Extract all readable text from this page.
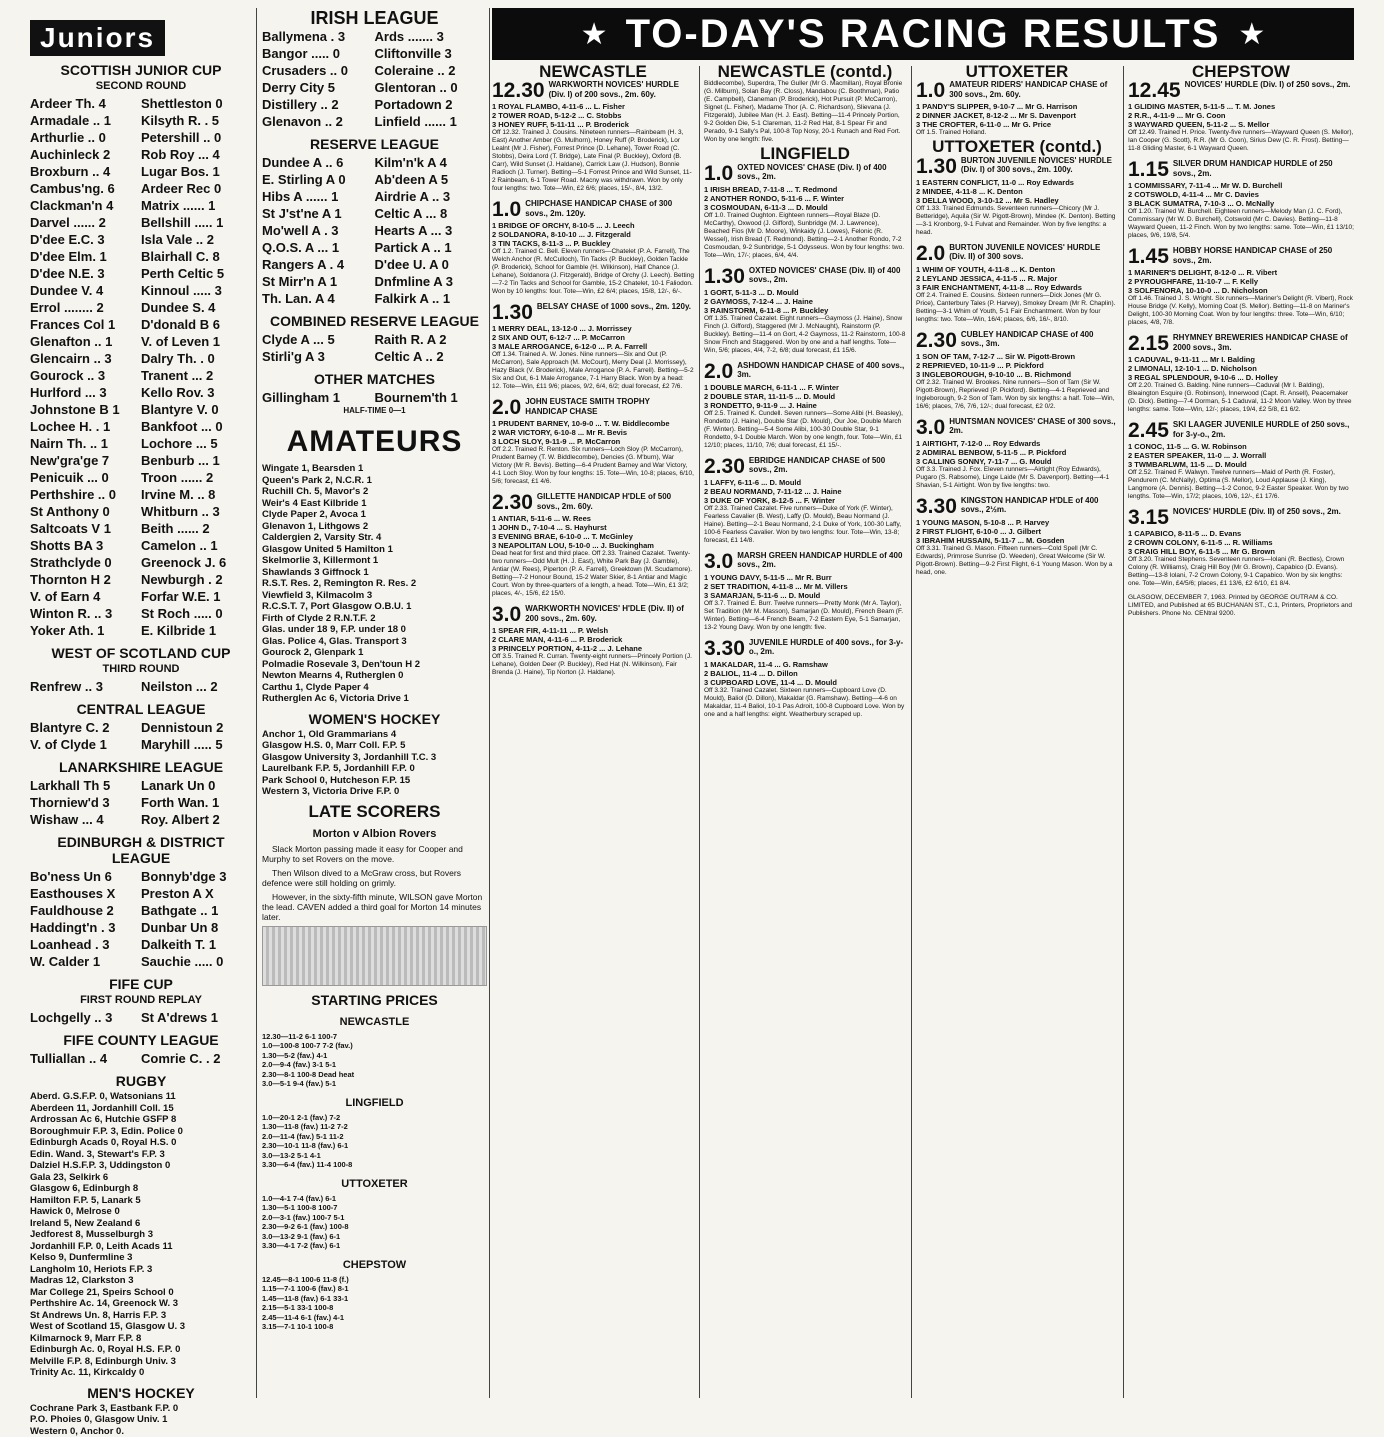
Juniors
SCOTTISH JUNIOR CUP
SECOND ROUND
Ardeer Th. 4	Shettleston 0
Armadale .. 1	Kilsyth R. . 5
Arthurlie .. 0	Petershill .. 0
Auchinleck 2	Rob Roy ... 4
Broxburn .. 4	Lugar Bos. 1
Cambus'ng. 6	Ardeer Rec 0
Clackman'n 4	Matrix ...... 1
Darvel ...... 2	Bellshill ..... 1
D'dee E.C. 3	Isla Vale .. 2
D'dee Elm. 1	Blairhall C. 8
D'dee N.E. 3	Perth Celtic 5
Dundee V. 4	Kinnoul ..... 3
Errol ........ 2	Dundee S. 4
Frances Col 1	D'donald B 6
Glenafton .. 1	V. of Leven 1
Glencairn .. 3	Dalry Th. . 0
Gourock .. 3	Tranent ... 2
Hurlford ... 3	Kello Rov. 3
Johnstone B 1	Blantyre V. 0
Lochee H. . 1	Bankfoot ... 0
Nairn Th. .. 1	Lochore ... 5
New'gra'ge 7	Benburb ... 1
Penicuik ... 0	Troon ...... 2
Perthshire .. 0	Irvine M. .. 8
St Anthony 0	Whitburn .. 3
Saltcoats V 1	Beith ...... 2
Shotts BA 3	Camelon .. 1
Strathclyde 0	Greenock J. 6
Thornton H 2	Newburgh . 2
V. of Earn 4	Forfar W.E. 1
Winton R. .. 3	St Roch ..... 0
Yoker Ath. 1	E. Kilbride 1
WEST OF SCOTLAND CUP
THIRD ROUND
Renfrew .. 3	Neilston ... 2
CENTRAL LEAGUE
Blantyre C. 2	Dennistoun 2
V. of Clyde 1	Maryhill ..... 5
LANARKSHIRE LEAGUE
Larkhall Th 5	Lanark Un 0
Thorniew'd 3	Forth Wan. 1
Wishaw ... 4	Roy. Albert 2
EDINBURGH & DISTRICT LEAGUE
Bo'ness Un 6	Bonnyb'dge 3
Easthouses X	Preston A X
Fauldhouse 2	Bathgate .. 1
Haddingt'n . 3	Dunbar Un 8
Loanhead . 3	Dalkeith T. 1
W. Calder 1	Sauchie ..... 0
FIFE CUP
FIRST ROUND REPLAY
Lochgelly .. 3	St A'drews 1
FIFE COUNTY LEAGUE
Tulliallan .. 4	Comrie C. . 2
RUGBY

Aberd. G.S.F.P. 0, Watsonians 11

Aberdeen 11, Jordanhill Coll. 15

Ardrossan Ac 6, Hutchie GSFP 8

Boroughmuir F.P. 3, Edin. Police 0

Edinburgh Acads 0, Royal H.S. 0

Edin. Wand. 3, Stewart's F.P. 3

Dalziel H.S.F.P. 3, Uddingston 0

Gala 23, Selkirk 6

Glasgow 6, Edinburgh 8

Hamilton F.P. 5, Lanark 5

Hawick 0, Melrose 0

Ireland 5, New Zealand 6

Jedforest 8, Musselburgh 3

Jordanhill F.P. 0, Leith Acads 11

Kelso 9, Dunfermline 3

Langholm 10, Heriots F.P. 3

Madras 12, Clarkston 3

Mar College 21, Speirs School 0

Perthshire Ac. 14, Greenock W. 3

St Andrews Un. 8, Harris F.P. 3

West of Scotland 15, Glasgow U. 3

Kilmarnock 9, Marr F.P. 8

Edinburgh Ac. 0, Royal H.S. F.P. 0

Melville F.P. 8, Edinburgh Univ. 3

Trinity Ac. 11, Kirkcaldy 0

MEN'S HOCKEY

Cochrane Park 3, Eastbank F.P. 0

P.O. Phoies 0, Glasgow Univ. 1

Western 0, Anchor 0.

IRISH LEAGUE
Ballymena . 3	Ards ....... 3
Bangor ..... 0	Cliftonville 3
Crusaders .. 0	Coleraine .. 2
Derry City 5	Glentoran .. 0
Distillery .. 2	Portadown 2
Glenavon .. 2	Linfield ...... 1
RESERVE LEAGUE
Dundee A .. 6	Kilm'n'k A 4
E. Stirling A 0	Ab'deen A 5
Hibs A ...... 1	Airdrie A .. 3
St J'st'ne A 1	Celtic A ... 8
Mo'well A . 3	Hearts A ... 3
Q.O.S. A ... 1	Partick A .. 1
Rangers A . 4	D'dee U. A 0
St Mirr'n A 1	Dnfmline A 3
Th. Lan. A 4	Falkirk A .. 1
COMBINED RESERVE LEAGUE
Clyde A ... 5	Raith R. A 2
Stirli'g A 3	Celtic A .. 2
OTHER MATCHES
Gillingham 1	Bournem'th 1
HALF-TIME 0—1
AMATEURS

Wingate 1, Bearsden 1

Queen's Park 2, N.C.R. 1

Ruchill Ch. 5, Mavor's 2

Weir's 4 East Kilbride 1

Clyde Paper 2, Avoca 1

Glenavon 1, Lithgows 2

Caldergien 2, Varsity Str. 4

Glasgow United 5 Hamilton 1

Skelmorlie 3, Killermont 1

Shawlands 3 Giffnock 1

R.S.T. Res. 2, Remington R. Res. 2

Viewfield 3, Kilmacolm 3

R.C.S.T. 7, Port Glasgow O.B.U. 1

Firth of Clyde 2 R.N.T.F. 2

Glas. under 18 9, F.P. under 18 0

Glas. Police 4, Glas. Transport 3

Gourock 2, Glenpark 1

Polmadie Rosevale 3, Den'toun H 2

Newton Mearns 4, Rutherglen 0

Carthu 1, Clyde Paper 4

Rutherglen Ac 6, Victoria Drive 1

WOMEN'S HOCKEY

Anchor 1, Old Grammarians 4

Glasgow H.S. 0, Marr Coll. F.P. 5

Glasgow University 3, Jordanhill T.C. 3

Laurelbank F.P. 5, Jordanhill F.P. 0

Park School 0, Hutcheson F.P. 15

Western 3, Victoria Drive F.P. 0

LATE SCORERS
Morton v Albion Rovers

Slack Morton passing made it easy for Cooper and Murphy to set Rovers on the move.

Then Wilson dived to a McGraw cross, but Rovers defence were still holding on grimly.

However, in the sixty-fifth minute, WILSON gave Morton the lead. CAVEN added a third goal for Morton 14 minutes later.

STARTING PRICES
NEWCASTLE
12.30—11-2 6-1 100-7
1.0—100-8 100-7 7-2 (fav.)
1.30—5-2 (fav.) 4-1
2.0—9-4 (fav.) 3-1 5-1
2.30—8-1 100-8 Dead heat
3.0—5-1 9-4 (fav.) 5-1
LINGFIELD
1.0—20-1 2-1 (fav.) 7-2
1.30—11-8 (fav.) 11-2 7-2
2.0—11-4 (fav.) 5-1 11-2
2.30—10-1 11-8 (fav.) 6-1
3.0—13-2 5-1 4-1
3.30—6-4 (fav.) 11-4 100-8
UTTOXETER
1.0—4-1 7-4 (fav.) 6-1
1.30—5-1 100-8 100-7
2.0—3-1 (fav.) 100-7 5-1
2.30—9-2 6-1 (fav.) 100-8
3.0—13-2 9-1 (fav.) 6-1
3.30—4-1 7-2 (fav.) 6-1
CHEPSTOW
12.45—8-1 100-6 11-8 (f.)
1.15—7-1 100-6 (fav.) 8-1
1.45—11-8 (fav.) 6-1 33-1
2.15—5-1 33-1 100-8
2.45—11-4 6-1 (fav.) 4-1
3.15—7-1 10-1 100-8
★ TO-DAY'S RACING RESULTS ★
NEWCASTLE
12.30 WARKWORTH NOVICES' HURDLE (Div. I) of 200 sovs., 2m. 60y.
1 ROYAL FLAMBO, 4-11-6 ... L. Fisher
2 TOWER ROAD, 5-12-2 ... C. Stobbs
3 HONEY RUFF, 5-11-11 ... P. Broderick

Off 12.32. Trained J. Cousins. Nineteen runners—Rainbeam (H. 3, East) Another Amber (G. Mulhorn), Honey Ruff (P. Broderick), Lor Lealnt (Mr J. Fisher), Forrest Prince (D. Lehane), Tower Road (C. Stobbs), Deira Lord (T. Bridge), Late Final (P. Buckley), Oxford (B. Carr), Wild Sunset (J. Haldane), Carrick Law (J. Hudson), Bonnie Radioch (J. Turner). Betting—5-1 Forrest Prince and Wild Sunset, 11-2 Rainbeam, 6-1 Tower Road. Macny was withdrawn. Won by only four lengths: two. Tote—Win, £2 6/6; places, 15/-, 8/4, 13/2.

1.0 CHIPCHASE HANDICAP CHASE of 300 sovs., 2m. 120y.
1 BRIDGE OF ORCHY, 8-10-5 ... J. Leech
2 SOLDANORA, 8-10-10 ... J. Fitzgerald
3 TIN TACKS, 8-11-3 ... P. Buckley

Off 1.2. Trained C. Bell. Eleven runners—Chatelet (P. A. Farrell), The Welch Anchor (R. McCulloch), Tin Tacks (P. Buckley), Golden Tackle (P. Broderick), School for Gamble (H. Wilkinson), Half Chance (J. Lehane), Soldanora (J. Fitzgerald), Bridge of Orchy (J. Leech). Betting—7-2 Tin Tacks and School for Gamble, 15-2 Chatelet, 10-1 Faliodon. Won by 10 lengths: four. Tote—Win, £2 6/4; places, 15/8, 12/-, 6/-.

1.30 BELSAY CHASE of 1000 sovs., 2m. 120y.
1 MERRY DEAL, 13-12-0 ... J. Morrissey
2 SIX AND OUT, 6-12-7 ... P. McCarron
3 MALE ARROGANCE, 6-12-0 ... P. A. Farrell

Off 1.34. Trained A. W. Jones. Nine runners—Six and Out (P. McCarron), Sale Approach (M. McCourt), Merry Deal (J. Morrissey), Hazy Black (V. Broderick), Male Arrogance (P. A. Farrell). Betting—5-2 Six and Out, 6-1 Male Arrogance, 7-1 Harry Black. Won by a head: 12. Tote—Win, £11 9/6; places, 9/2, 6/4, 6/2; dual forecast, £2 7/6.

2.0 JOHN EUSTACE SMITH TROPHY HANDICAP CHASE
1 PRUDENT BARNEY, 10-9-0 ... T. W. Biddlecombe
2 WAR VICTORY, 6-10-8 ... Mr R. Bevis
3 LOCH SLOY, 9-11-9 ... P. McCarron

Off 2.2. Trained R. Renton. Six runners—Loch Sloy (P. McCarron), Prudent Barney (T. W. Biddlecombe), Dencies (G. M'burn), War Victory (Mr R. Bevis). Betting—6-4 Prudent Barney and War Victory, 4-1 Loch Sloy. Won by four lengths: 15. Tote—Win, 10-8; places, 6/10, 5/6; forecast, £1 4/6.

2.30 GILLETTE HANDICAP H'DLE of 500 sovs., 2m. 60y.
1 ANTIAR, 5-11-6 ... W. Rees
1 JOHN D., 7-10-4 ... S. Hayhurst
3 EVENING BRAE, 6-10-0 ... T. McGinley
3 NEAPOLITAN LOU, 5-10-0 ... J. Buckingham

Dead heat for first and third place. Off 2.33. Trained Cazalet. Twenty-two runners—Odd Mult (H. J. East), White Park Bay (J. Gamble), Antiar (W. Rees), Piperton (P. A. Farrell), Greektown (M. Scudamore). Betting—7-2 Honour Bound, 15-2 Water Skier, 8-1 Antiar and Magic Court. Won by three-quarters of a length, a head. Tote—Win, £1 3/2; places, 4/-, 15/6, £2 15/0.

3.0 WARKWORTH NOVICES' H'DLE (Div. II) of 200 sovs., 2m. 60y.
1 SPEAR FIR, 4-11-11 ... P. Welsh
2 CLARE MAN, 4-11-6 ... P. Broderick
3 PRINCELY PORTION, 4-11-2 ... J. Lehane

Off 3.5. Trained R. Curran. Twenty-eight runners—Princely Portion (J. Lehane), Golden Deer (P. Buckley), Red Hat (N. Wilkinson), Fair Brenda (J. Haine), Tip Norton (J. Haldane).

NEWCASTLE (contd.)

Biddlecombe), Superdra, The Guller (Mr G. Macmillan), Royal Bronie (G. Milburn), Solan Bay (R. Closs), Mandabou (C. Boothman), Patio (E. Campbell), Claneman (P. Broderick), Hot Pursuit (P. McCarron), Signet (L. Fisher), Madame Thor (A. C. Richardson), Slievana (J. Fitzgerald), Jubilee Man (H. J. East). Betting—11-4 Princely Portion, 9-2 Golden Die, 5-1 Clareman, 11-2 Red Hat, 8-1 Spear Fir and Perado, 9-1 Sally's Pal, 100-8 Top Nosy, 20-1 Runach and Red Fort. Won by one length: five.

LINGFIELD
1.0 OXTED NOVICES' CHASE (Div. I) of 400 sovs., 2m.
1 IRISH BREAD, 7-11-8 ... T. Redmond
2 ANOTHER RONDO, 5-11-6 ... F. Winter
3 COSMOUDAN, 6-11-3 ... D. Mould

Off 1.0. Trained Oughton. Eighteen runners—Royal Blaze (D. McCarthy), Oxwood (J. Gifford), Sunbridge (M. J. Lawrence), Beached Fios (Mr D. Moore), Winkaidy (J. Lowes), Felonic (R. Wessel), Irish Bread (T. Redmond). Betting—2-1 Another Rondo, 7-2 Cosmoudan, 9-2 Sunbridge, 5-1 Odysseus. Won by four lengths: two. Tote—Win, 17/-; places, 6/4, 4/4.

1.30 OXTED NOVICES' CHASE (Div. II) of 400 sovs., 2m.
1 GORT, 5-11-3 ... D. Mould
2 GAYMOSS, 7-12-4 ... J. Haine
3 RAINSTORM, 6-11-8 ... P. Buckley

Off 1.35. Trained Cazalet. Eight runners—Gaymoss (J. Haine), Snow Finch (J. Gifford), Staggered (Mr J. McNaught), Rainstorm (P. Buckley). Betting—11-4 on Gort, 4-2 Gaymoss, 11-2 Rainstorm, 100-8 Snow Finch and Staggered. Won by one and a half lengths. Tote—Win, 5/6; places, 4/4, 7-2, 6/8; dual forecast, £1 15/6.

2.0 ASHDOWN HANDICAP CHASE of 400 sovs., 3m.
1 DOUBLE MARCH, 6-11-1 ... F. Winter
2 DOUBLE STAR, 11-11-5 ... D. Mould
3 RONDETTO, 9-11-9 ... J. Haine

Off 2.5. Trained K. Cundell. Seven runners—Some Alibi (H. Beasley), Rondetto (J. Haine), Double Star (D. Mould), Our Joe, Double March (F. Winter). Betting—5-4 Some Alibi, 100-30 Double Star, 9-1 Rondetto, 9-1 Double March. Won by one length, four. Tote—Win, £1 12/10; places, 11/10, 7/6; dual forecast, £1 15/-.

2.30 EBRIDGE HANDICAP CHASE of 500 sovs., 2m.
1 LAFFY, 6-11-6 ... D. Mould
2 BEAU NORMAND, 7-11-12 ... J. Haine
3 DUKE OF YORK, 8-12-5 ... F. Winter

Off 2.33. Trained Cazalet. Five runners—Duke of York (F. Winter), Fearless Cavalier (B. West), Laffy (D. Mould), Beau Normand (J. Haine). Betting—2-1 Beau Normand, 2-1 Duke of York, 100-30 Laffy, 100-6 Fearless Cavalier. Won by two lengths: four. Tote—Win, 13-8; forecast, £1 14/8.

3.0 MARSH GREEN HANDICAP HURDLE of 400 sovs., 2m.
1 YOUNG DAVY, 5-11-5 ... Mr R. Burr
2 SET TRADITION, 4-11-8 ... Mr M. Villers
3 SAMARJAN, 5-11-6 ... D. Mould

Off 3.7. Trained E. Burr. Twelve runners—Pretty Monk (Mr A. Taylor), Set Tradition (Mr M. Masson), Samarjan (D. Mould), French Beam (F. Winter). Betting—6-4 French Beam, 7-2 Eastern Eye, 5-1 Samarjan, 13-2 Young Davy. Won by one length: five.

3.30 JUVENILE HURDLE of 400 sovs., for 3-y-o., 2m.
1 MAKALDAR, 11-4 ... G. Ramshaw
2 BALIOL, 11-4 ... D. Dillon
3 CUPBOARD LOVE, 11-4 ... D. Mould

Off 3.32. Trained Cazalet. Sixteen runners—Cupboard Love (D. Mould), Baliol (D. Dillon), Makaldar (G. Ramshaw). Betting—4-6 on Makaldar, 11-4 Baliol, 10-1 Pas Adroit, 100-8 Cupboard Love. Won by one and a half lengths: eight. Weatherbury scraped up.

UTTOXETER
1.0 AMATEUR RIDERS' HANDICAP CHASE of 300 sovs., 2m. 60y.
1 PANDY'S SLIPPER, 9-10-7 ... Mr G. Harrison
2 DINNER JACKET, 8-12-2 ... Mr S. Davenport
3 THE CROFTER, 6-11-0 ... Mr G. Price

Off 1.5. Trained Holland.

UTTOXETER (contd.)
1.30 BURTON JUVENILE NOVICES' HURDLE (Div. I) of 300 sovs., 2m. 100y.
1 EASTERN CONFLICT, 11-0 ... Roy Edwards
2 MINDEE, 4-11-8 ... K. Denton
3 DELLA WOOD, 3-10-12 ... Mr S. Hadley

Off 1.33. Trained Edmunds. Seventeen runners—Chicory (Mr J. Betteridge), Aquila (Sir W. Pigott-Brown), Mindee (K. Denton). Betting—3-1 Kronborg, 9-1 Fulvat and Remainder. Won by five lengths: a head.

2.0 BURTON JUVENILE NOVICES' HURDLE (Div. II) of 300 sovs.
1 WHIM OF YOUTH, 4-11-8 ... K. Denton
2 LEYLAND JESSICA, 4-11-5 ... R. Major
3 FAIR ENCHANTMENT, 4-11-8 ... Roy Edwards

Off 2.4. Trained E. Cousins. Sixteen runners—Dick Jones (Mr G. Price), Canterbury Tales (P. Harvey), Smokey Dream (Mr R. Chaplin). Betting—3-1 Whim of Youth, 5-1 Fair Enchantment. Won by four lengths: two. Tote—Win, 16/4; places, 6/6, 16/-, 8/10.

2.30 CUBLEY HANDICAP CHASE of 400 sovs., 3m.
1 SON OF TAM, 7-12-7 ... Sir W. Pigott-Brown
2 REPRIEVED, 10-11-9 ... P. Pickford
3 INGLEBOROUGH, 9-10-10 ... B. Richmond

Off 2.32. Trained W. Brookes. Nine runners—Son of Tam (Sir W. Pigott-Brown), Reprieved (P. Pickford). Betting—4-1 Reprieved and Ingleborough, 9-2 Son of Tam. Won by six lengths: a half. Tote—Win, 16/6; places, 7/6, 7/6, 12/-; dual forecast, £2 0/2.

3.0 HUNTSMAN NOVICES' CHASE of 300 sovs., 2m.
1 AIRTIGHT, 7-12-0 ... Roy Edwards
2 ADMIRAL BENBOW, 5-11-5 ... P. Pickford
3 CALLING SONNY, 7-11-7 ... G. Mould

Off 3.3. Trained J. Fox. Eleven runners—Airtight (Roy Edwards), Pugaro (S. Rabsome), Linge Laide (Mr S. Davenport). Betting—4-1 Shavian, 5-1 Airtight. Won by five lengths: two.

3.30 KINGSTON HANDICAP H'DLE of 400 sovs., 2½m.
1 YOUNG MASON, 5-10-8 ... P. Harvey
2 FIRST FLIGHT, 6-10-0 ... J. Gilbert
3 IBRAHIM HUSSAIN, 5-11-7 ... M. Gosden

Off 3.31. Trained G. Mason. Fifteen runners—Cold Spell (Mr C. Edwards), Primrose Sunrise (D. Weeden), Great Welcome (Sir W. Pigott-Brown). Betting—9-2 First Flight, 6-1 Young Mason. Won by a head, one.

CHEPSTOW
12.45 NOVICES' HURDLE (Div. I) of 250 sovs., 2m.
1 GLIDING MASTER, 5-11-5 ... T. M. Jones
2 R.R., 4-11-9 ... Mr G. Coon
3 WAYWARD QUEEN, 5-11-2 ... S. Mellor

Off 12.49. Trained H. Price. Twenty-five runners—Wayward Queen (S. Mellor), Ian Cooper (G. Scott), R.R. (Mr G. Coon), Sirius Dew (C. R. Frost). Betting—11-8 Gliding Master, 6-1 Wayward Queen.

1.15 SILVER DRUM HANDICAP HURDLE of 250 sovs., 2m.
1 COMMISSARY, 7-11-4 ... Mr W. D. Burchell
2 COTSWOLD, 4-11-4 ... Mr C. Davies
3 BLACK SUMATRA, 7-10-3 ... O. McNally

Off 1.20. Trained W. Burchell. Eighteen runners—Melody Man (J. C. Ford), Commissary (Mr W. D. Burchell), Cotswold (Mr C. Davies). Betting—11-8 Wayward Queen, 11-2 Finch. Won by two lengths: same. Tote—Win, £1 13/10; places, 9/6, 19/8, 5/4.

1.45 HOBBY HORSE HANDICAP CHASE of 250 sovs., 2m.
1 MARINER'S DELIGHT, 8-12-0 ... R. Vibert
2 PYROUGHFARE, 11-10-7 ... F. Kelly
3 SOLFENORA, 10-10-0 ... D. Nicholson

Off 1.46. Trained J. S. Wright. Six runners—Mariner's Delight (R. Vibert), Rock House Bridge (V. Kelly), Morning Coat (S. Mellor). Betting—11-8 on Mariner's Delight, 100-30 Morning Coat. Won by four lengths: three. Tote—Win, 6/10; places, 4/8, 7/8.

2.15 RHYMNEY BREWERIES HANDICAP CHASE of 2000 sovs., 3m.
1 CADUVAL, 9-11-11 ... Mr I. Balding
2 LIMONALI, 12-10-1 ... D. Nicholson
3 REGAL SPLENDOUR, 9-10-6 ... D. Holley

Off 2.20. Trained G. Balding. Nine runners—Caduval (Mr I. Balding), Bleaington Esquire (G. Robinson), Innerwood (Capt. R. Ansell), Peacemaker (D. Dick). Betting—7-4 Dorman, 5-1 Caduval, 11-2 Moon Valley. Won by three lengths: same. Tote—Win, 12/-; places, 19/4, £2 5/8, £1 6/2.

2.45 SKI LAAGER JUVENILE HURDLE of 250 sovs., for 3-y-o., 2m.
1 CONOC, 11-5 ... G. W. Robinson
2 EASTER SPEAKER, 11-0 ... J. Worrall
3 TWMBARLWM, 11-5 ... D. Mould

Off 2.52. Trained F. Walwyn. Twelve runners—Maid of Perth (R. Foster), Pendurem (C. McNally), Optima (S. Mellor), Loud Applause (J. King), Langmore (A. Dennis). Betting—1-2 Conoc, 9-2 Easter Speaker. Won by two lengths. Tote—Win, 17/2; places, 10/6, 12/-, £1 17/6.

3.15 NOVICES' HURDLE (Div. II) of 250 sovs., 2m.
1 CAPABICO, 8-11-5 ... D. Evans
2 CROWN COLONY, 6-11-5 ... R. Williams
3 CRAIG HILL BOY, 6-11-5 ... Mr G. Brown

Off 3.20. Trained Stephens. Seventeen runners—Iolani (R. Bectles), Crown Colony (R. Williams), Craig Hill Boy (Mr G. Brown), Capabico (D. Evans). Betting—13-8 Iolani, 7-2 Crown Colony, 9-1 Capabico. Won by six lengths: one. Tote—Win, £4/5/6; places, £1 13/6, £2 6/10, £1 8/4.

GLASGOW, DECEMBER 7, 1963. Printed by GEORGE OUTRAM & CO. LIMITED, and Published at 65 BUCHANAN ST., C.1, Printers, Proprietors and Publishers. Phone No. CENtral 9200.
